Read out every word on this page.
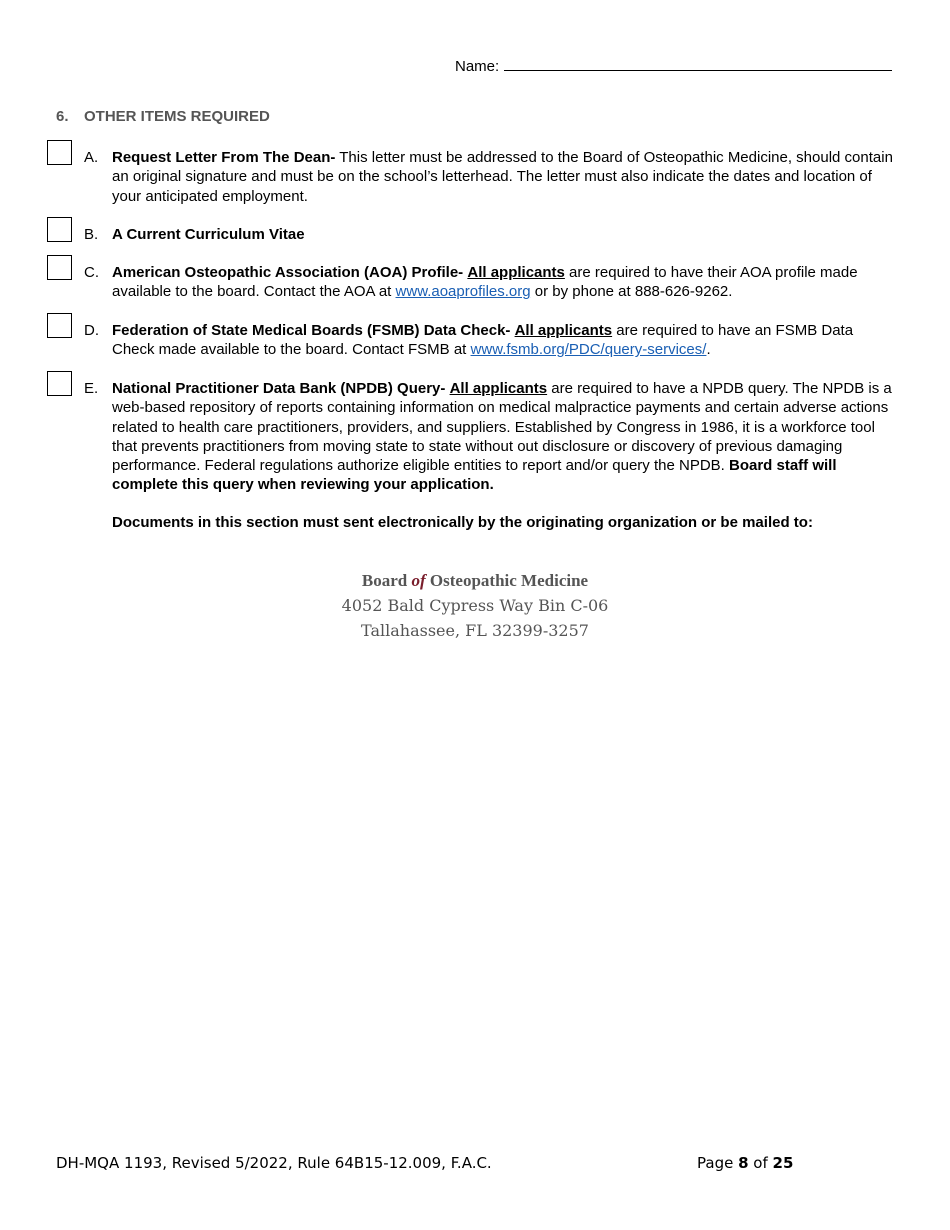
Name:
6. OTHER ITEMS REQUIRED
A. Request Letter From The Dean- This letter must be addressed to the Board of Osteopathic Medicine, should contain an original signature and must be on the school’s letterhead. The letter must also indicate the dates and location of your anticipated employment.
B. A Current Curriculum Vitae
C. American Osteopathic Association (AOA) Profile- All applicants are required to have their AOA profile made available to the board. Contact the AOA at www.aoaprofiles.org or by phone at 888-626-9262.
D. Federation of State Medical Boards (FSMB) Data Check- All applicants are required to have an FSMB Data Check made available to the board. Contact FSMB at www.fsmb.org/PDC/query-services/.
E. National Practitioner Data Bank (NPDB) Query- All applicants are required to have a NPDB query. The NPDB is a web-based repository of reports containing information on medical malpractice payments and certain adverse actions related to health care practitioners, providers, and suppliers. Established by Congress in 1986, it is a workforce tool that prevents practitioners from moving state to state without out disclosure or discovery of previous damaging performance. Federal regulations authorize eligible entities to report and/or query the NPDB. Board staff will complete this query when reviewing your application.
Documents in this section must sent electronically by the originating organization or be mailed to:
Board of Osteopathic Medicine
4052 Bald Cypress Way Bin C-06
Tallahassee, FL 32399-3257
DH-MQA 1193, Revised 5/2022, Rule 64B15-12.009, F.A.C.	Page 8 of 25
